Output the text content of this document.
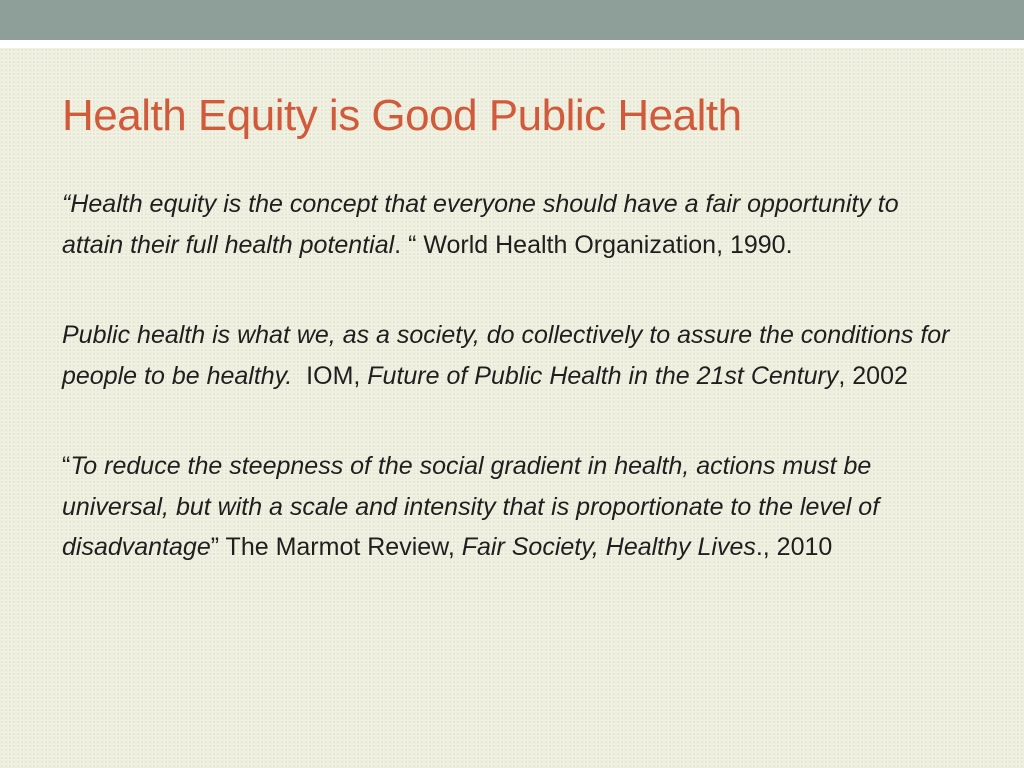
Health Equity is Good Public Health

“Health equity is the concept that everyone should have a fair opportunity to attain their full health potential. “ World Health Organization, 1990.

Public health is what we, as a society, do collectively to assure the conditions for people to be healthy.  IOM, Future of Public Health in the 21st Century, 2002

“To reduce the steepness of the social gradient in health, actions must be universal, but with a scale and intensity that is proportionate to the level of disadvantage” The Marmot Review, Fair Society, Healthy Lives., 2010
